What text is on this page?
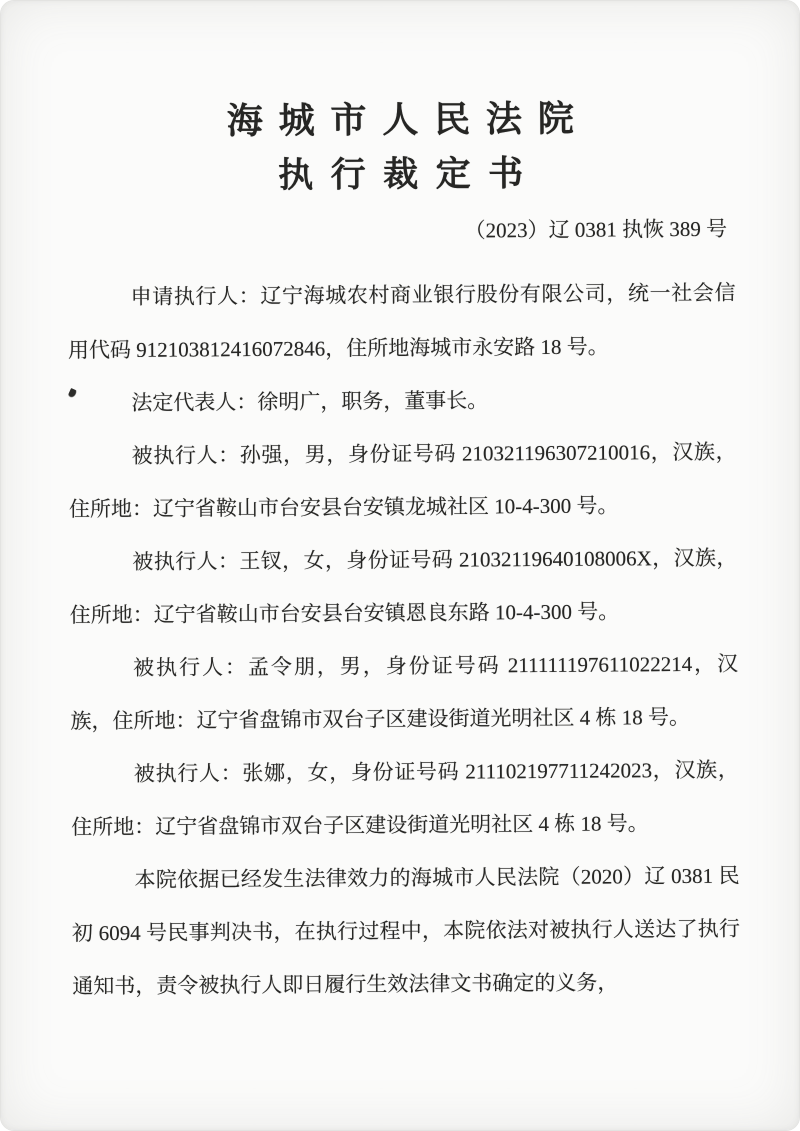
海城市人民法院
执行裁定书
（2023）辽 0381 执恢 389 号

申请执行人：辽宁海城农村商业银行股份有限公司，统一社会信用代码 912103812416072846，住所地海城市永安路 18 号。

法定代表人：徐明广，职务，董事长。

被执行人：孙强，男，身份证号码 210321196307210016，汉族，住所地：辽宁省鞍山市台安县台安镇龙城社区 10-4-300 号。

被执行人：王钗，女，身份证号码 21032119640108006X，汉族，住所地：辽宁省鞍山市台安县台安镇恩良东路 10-4-300 号。

被执行人：孟令朋，男，身份证号码 211111197611022214，汉族，住所地：辽宁省盘锦市双台子区建设街道光明社区 4 栋 18 号。

被执行人：张娜，女，身份证号码 211102197711242023，汉族，住所地：辽宁省盘锦市双台子区建设街道光明社区 4 栋 18 号。

本院依据已经发生法律效力的海城市人民法院（2020）辽 0381 民初 6094 号民事判决书，在执行过程中，本院依法对被执行人送达了执行通知书，责令被执行人即日履行生效法律文书确定的义务，
